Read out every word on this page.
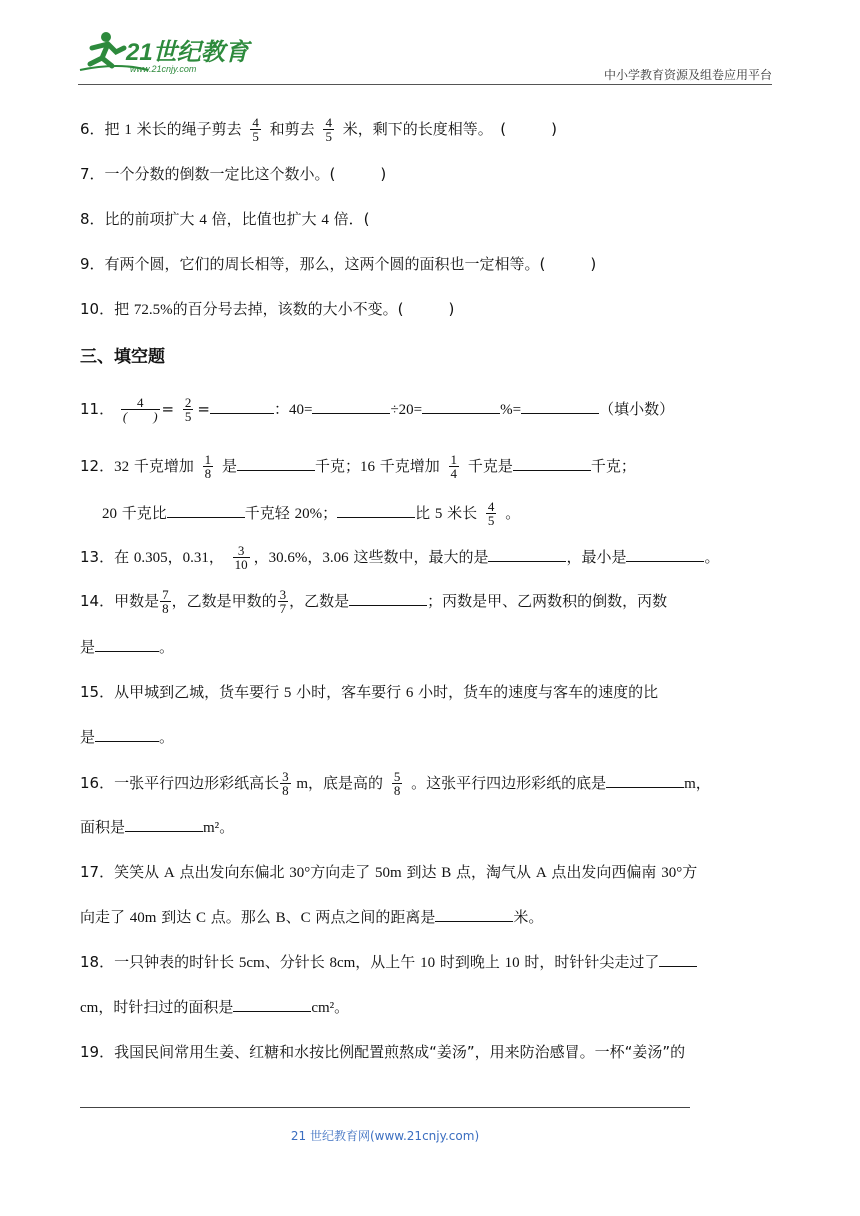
21世纪教育
www.21cnjy.com	中小学教育资源及组卷应用平台
6．把 1 米长的绳子剪去 $\frac{4}{5}$ 和剪去 $\frac{4}{5}$ 米，剩下的长度相等。　(　　　)
7．一个分数的倒数一定比这个数小。(　　　)
8．比的前项扩大 4 倍，比值也扩大 4 倍．(
9．有两个圆，它们的周长相等，那么，这两个圆的面积也一定相等。(　　　)
10．把 72.5%的百分号去掉，该数的大小不变。(　　　)
三、填空题
11． $\frac{4}{( )} = \frac{2}{5}$ =	：40=	÷20=	%=	（填小数）
12．32 千克增加 $\frac{1}{8}$ 是	千克；16 千克增加 $\frac{1}{4}$ 千克是	千克；
20 千克比	千克轻 20%；	比 5 米长 $\frac{4}{5}$ 。
13．在 0.305，0.31， $\frac{3}{10}$ ，30.6%，3.06 这些数中，最大的是	，最小是	。
14．甲数是 $\frac{7}{8}$ ，乙数是甲数的 $\frac{3}{7}$ ，乙数是	；丙数是甲、乙两数积的倒数，丙数
是	。
15．从甲城到乙城，货车要行 5 小时，客车要行 6 小时，货车的速度与客车的速度的比
是	。
16．一张平行四边形彩纸高长 $\frac{3}{8}$ m，底是高的 $\frac{5}{8}$ 。这张平行四边形彩纸的底是	m，
面积是	m²。
17．笑笑从 A 点出发向东偏北 30°方向走了 50m 到达 B 点，淘气从 A 点出发向西偏南 30°方
向走了 40m 到达 C 点。那么 B、C 两点之间的距离是	米。
18．一只钟表的时针长 5cm、分针长 8cm，从上午 10 时到晚上 10 时，时针针尖走过了
cm，时针扫过的面积是	cm²。
19．我国民间常用生姜、红糖和水按比例配置煎熬成“姜汤”，用来防治感冒。一杯“姜汤”的
21 世纪教育网(www.21cnjy.com)
